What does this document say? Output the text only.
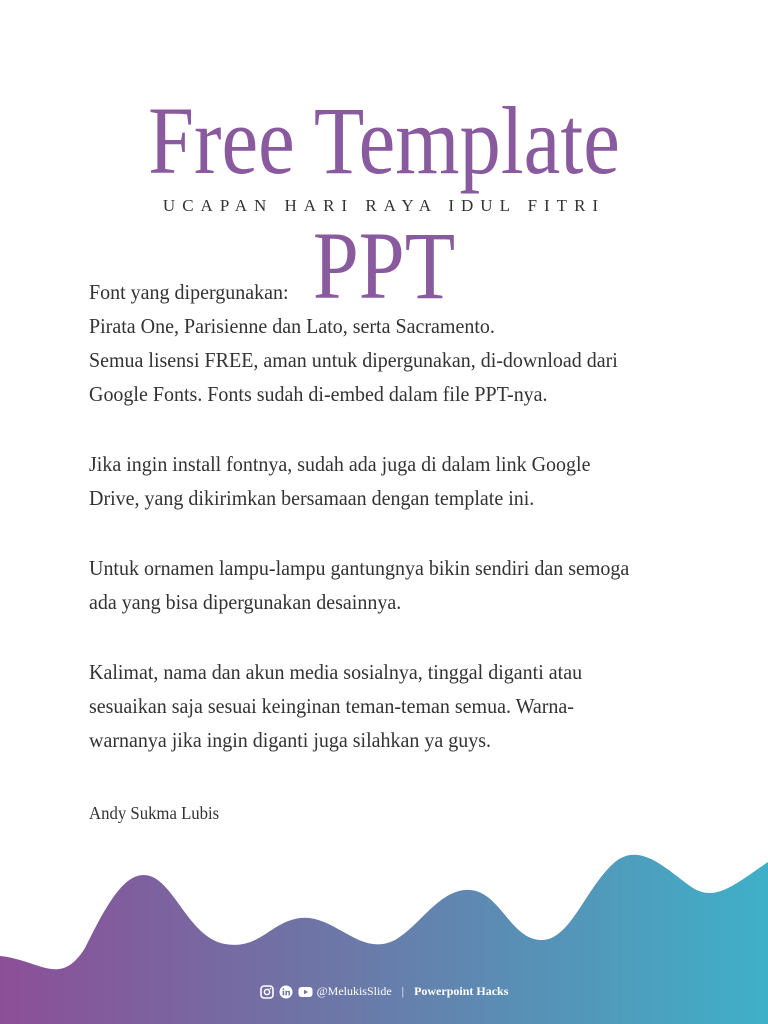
Free Template
UCAPAN HARI RAYA IDUL FITRI

Font yang dipergunakan:
Pirata One, Parisienne dan Lato, serta Sacramento.
Semua lisensi FREE, aman untuk dipergunakan, di-download dari
Google Fonts. Fonts sudah di-embed dalam file PPT-nya.

Jika ingin install fontnya, sudah ada juga di dalam link Google
Drive, yang dikirimkan bersamaan dengan template ini.

Untuk ornamen lampu-lampu gantungnya bikin sendiri dan semoga
ada yang bisa dipergunakan desainnya.

Kalimat, nama dan akun media sosialnya, tinggal diganti atau
sesuaikan saja sesuai keinginan teman-teman semua. Warna-
warnanya jika ingin diganti juga silahkan ya guys.

PPT
Andy Sukma Lubis
@MelukisSlide | Powerpoint Hacks
